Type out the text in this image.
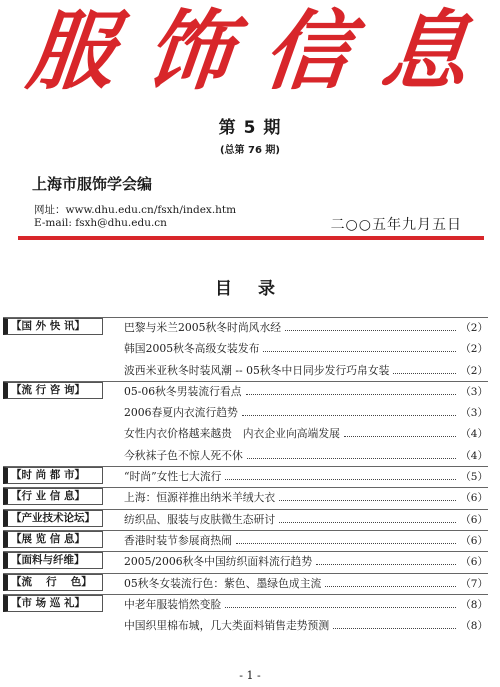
服 饰 信 息
第 5 期
(总第 76 期)
上海市服饰学会编
网址：www.dhu.edu.cn/fsxh/index.htm
E-mail: fsxh@dhu.edu.cn	二○○五年九月五日
目 录
【国 外 快 讯】	巴黎与米兰2005秋冬时尚风水经	（2）
韩国2005秋冬高级女装发布	（2）
波西米亚秋冬时装风潮 -- 05秋冬中日同步发行巧帛女装	（2）
【流 行 咨 询】	05-06秋冬男装流行看点	（3）
2006春夏内衣流行趋势	（3）
女性内衣价格越来越贵　内衣企业向高端发展	（4）
今秋袜子色不惊人死不休	（4）
【时 尚 都 市】	“时尚”女性七大流行	（5）
【行 业 信 息】	上海：恒源祥推出纳米羊绒大衣	（6）
【产业技术论坛】	纺织品、服装与皮肤微生态研讨	（6）
【展 览 信 息】	香港时装节参展商热闹	（6）
【面料与纤维】	2005/2006秋冬中国纺织面料流行趋势	（6）
【流 　行 　色】	05秋冬女装流行色：紫色、墨绿色成主流	（7）
【市 场 巡 礼】	中老年服装悄然变脸	（8）
中国织里棉布城，几大类面料销售走势预测	（8）
- 1 -
